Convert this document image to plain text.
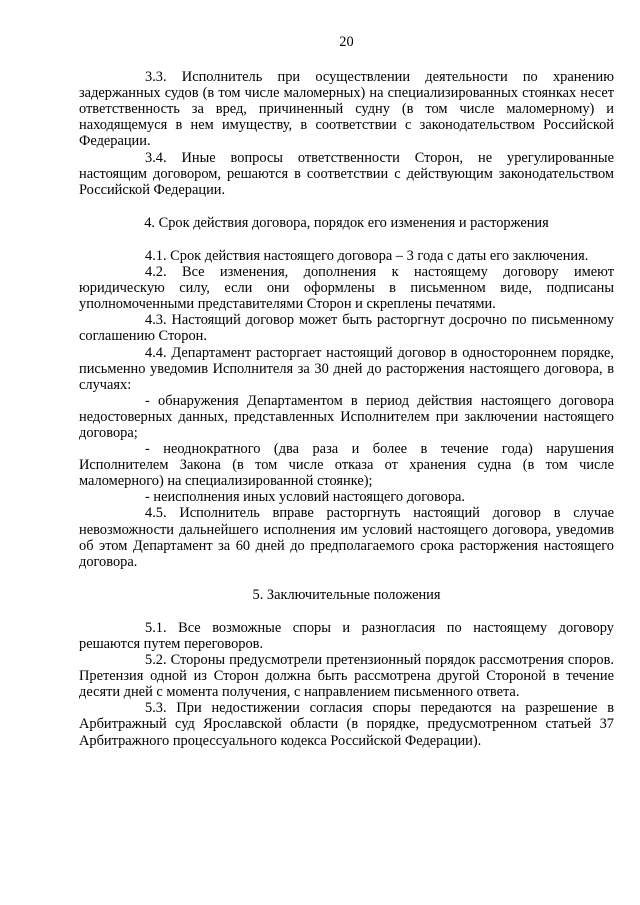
20

3.3. Исполнитель при осуществлении деятельности по хранению задержанных судов (в том числе маломерных) на специализированных стоянках несет ответственность за вред, причиненный судну (в том числе маломерному) и находящемуся в нем имуществу, в соответствии с законодательством Российской Федерации.

3.4. Иные вопросы ответственности Сторон, не урегулированные настоящим договором, решаются в соответствии с действующим законодательством Российской Федерации.

4. Срок действия договора, порядок его изменения и расторжения

4.1. Срок действия настоящего договора – 3 года с даты его заключения.

4.2. Все изменения, дополнения к настоящему договору имеют юридическую силу, если они оформлены в письменном виде, подписаны уполномоченными представителями Сторон и скреплены печатями.

4.3. Настоящий договор может быть расторгнут досрочно по письменному соглашению Сторон.

4.4. Департамент расторгает настоящий договор в одностороннем порядке, письменно уведомив Исполнителя за 30 дней до расторжения настоящего договора, в случаях:

- обнаружения Департаментом в период действия настоящего договора недостоверных данных, представленных Исполнителем при заключении настоящего договора;

- неоднократного (два раза и более в течение года) нарушения Исполнителем Закона (в том числе отказа от хранения судна (в том числе маломерного) на специализированной стоянке);

- неисполнения иных условий настоящего договора.

4.5. Исполнитель вправе расторгнуть настоящий договор в случае невозможности дальнейшего исполнения им условий настоящего договора, уведомив об этом Департамент за 60 дней до предполагаемого срока расторжения настоящего договора.

5. Заключительные положения

5.1. Все возможные споры и разногласия по настоящему договору решаются путем переговоров.

5.2. Стороны предусмотрели претензионный порядок рассмотрения споров. Претензия одной из Сторон должна быть рассмотрена другой Стороной в течение десяти дней с момента получения, с направлением письменного ответа.

5.3. При недостижении согласия споры передаются на разрешение в Арбитражный суд Ярославской области (в порядке, предусмотренном статьей 37 Арбитражного процессуального кодекса Российской Федерации).
